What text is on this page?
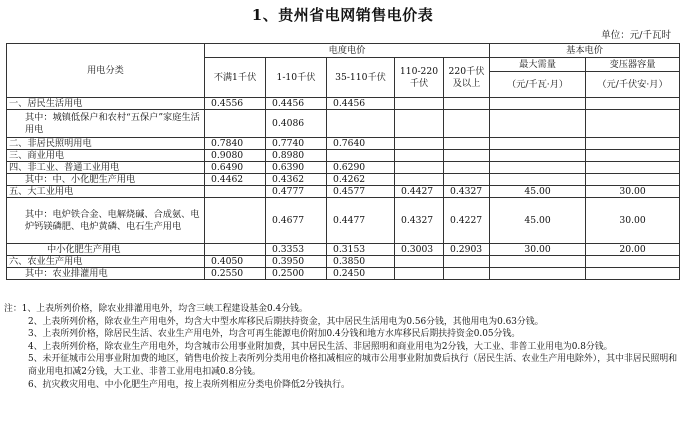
1、贵州省电网销售电价表
单位：元/千瓦时
用电分类	电度电价					基本电价	
	不满1千伏	1-10千伏	35-110千伏	110-220千伏	220千伏及以上	最大需量	变压器容量
						（元/千瓦·月）	（元/千伏安·月）
一、居民生活用电	0.4556	0.4456	0.4456				
其中：城镇低保户和农村“五保户”家庭生活用电		0.4086					
二、非居民照明用电	0.7840	0.7740	0.7640				
三、商业用电	0.9080	0.8980					
四、非工业、普通工业用电	0.6490	0.6390	0.6290				
其中：中、小化肥生产用电	0.4462	0.4362	0.4262				
五、大工业用电		0.4777	0.4577	0.4427	0.4327	45.00	30.00
其中：电炉铁合金、电解烧碱、合成氨、电炉钙镁磷肥、电炉黄磷、电石生产用电		0.4677	0.4477	0.4327	0.4227	45.00	30.00
中小化肥生产用电		0.3353	0.3153	0.3003	0.2903	30.00	20.00
六、农业生产用电	0.4050	0.3950	0.3850				
其中：农业排灌用电	0.2550	0.2500	0.2450				

注：1、上表所列价格，除农业排灌用电外，均含三峡工程建设基金0.4分钱。

2、上表所列价格，除农业生产用电外，均含大中型水库移民后期扶持资金，其中居民生活用电为0.56分钱，其他用电为0.63分钱。

3、上表所列价格，除居民生活、农业生产用电外，均含可再生能源电价附加0.4分钱和地方水库移民后期扶持资金0.05分钱。

4、上表所列价格，除农业生产用电外，均含城市公用事业附加费，其中居民生活、非居照明和商业用电为2分钱，大工业、非普工业用电为0.8分钱。

5、未开征城市公用事业附加费的地区，销售电价按上表所列分类用电价格扣减相应的城市公用事业附加费后执行（居民生活、农业生产用电除外），其中非居民照明和商业用电扣减2分钱，大工业、非普工业用电扣减0.8分钱。

6、抗灾救灾用电、中小化肥生产用电，按上表所列相应分类电价降低2分钱执行。
